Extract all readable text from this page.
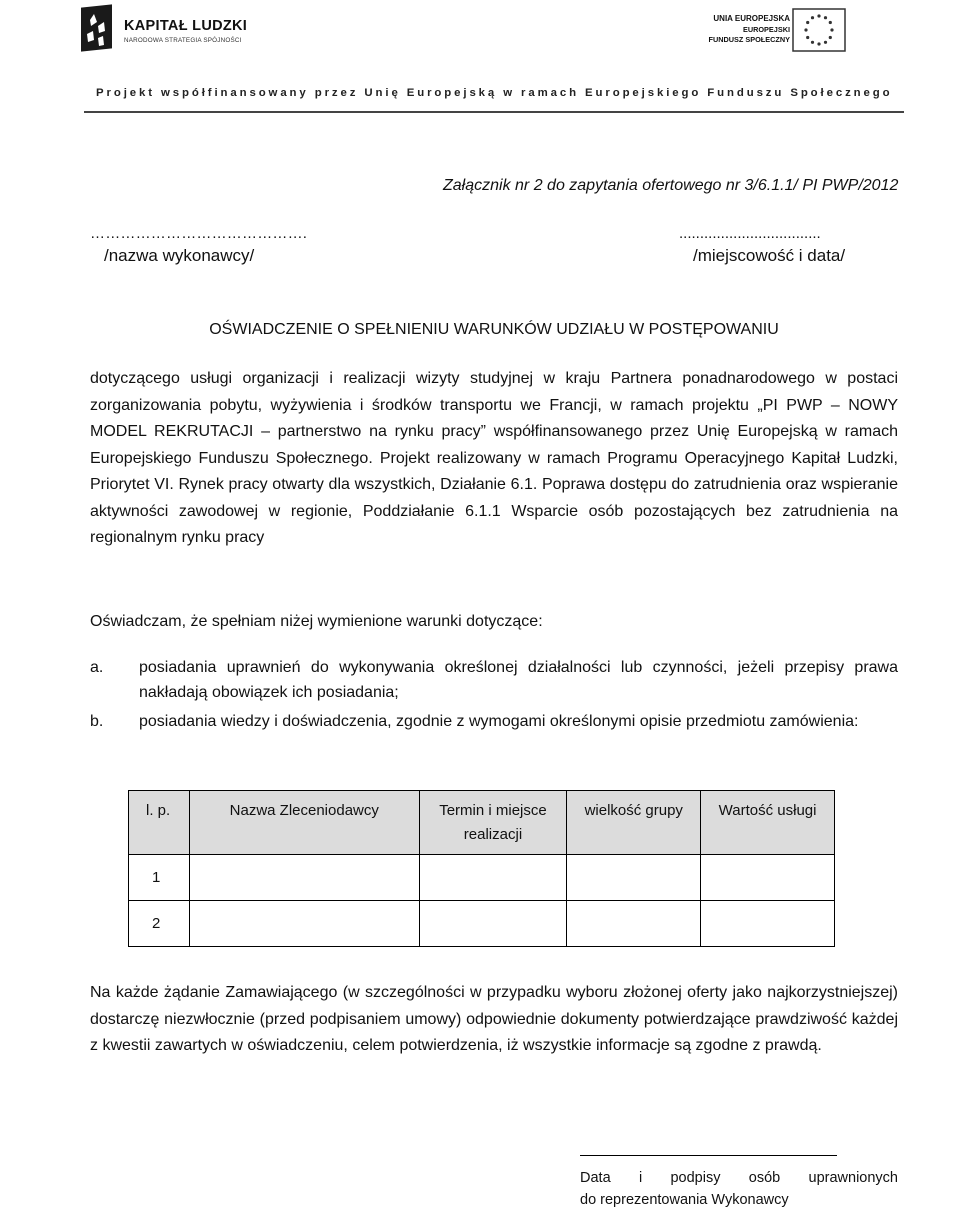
KAPITAŁ LUDZKI
NARODOWA STRATEGIA SPÓJNOŚCI
UNIA EUROPEJSKA
EUROPEJSKI
FUNDUSZ SPOŁECZNY
Projekt współfinansowany przez Unię Europejską w ramach Europejskiego Funduszu Społecznego
Załącznik nr 2 do zapytania ofertowego nr 3/6.1.1/ PI PWP/2012
…………………………………….
/nazwa wykonawcy/
..................................
/miejscowość i data/
OŚWIADCZENIE O SPEŁNIENIU WARUNKÓW UDZIAŁU W POSTĘPOWANIU

dotyczącego usługi organizacji i realizacji wizyty studyjnej w kraju Partnera ponadnarodowego w postaci zorganizowania pobytu, wyżywienia i środków transportu we Francji, w ramach projektu „PI PWP – NOWY MODEL REKRUTACJI – partnerstwo na rynku pracy” współfinansowanego przez Unię Europejską w ramach Europejskiego Funduszu Społecznego. Projekt realizowany w ramach Programu Operacyjnego Kapitał Ludzki, Priorytet VI. Rynek pracy otwarty dla wszystkich, Działanie 6.1. Poprawa dostępu do zatrudnienia oraz wspieranie aktywności zawodowej w regionie, Poddziałanie 6.1.1 Wsparcie osób pozostających bez zatrudnienia na regionalnym rynku pracy

Oświadczam, że spełniam niżej wymienione warunki dotyczące:
a. posiadania uprawnień do wykonywania określonej działalności lub czynności, jeżeli przepisy prawa nakładają obowiązek ich posiadania;
b. posiadania wiedzy i doświadczenia, zgodnie z wymogami określonymi opisie przedmiotu zamówienia:
l. p.	Nazwa Zleceniodawcy	Termin i miejsce realizacji	wielkość grupy	Wartość usługi
1				
2				

Na każde żądanie Zamawiającego (w szczególności w przypadku wyboru złożonej oferty jako najkorzystniejszej) dostarczę niezwłocznie (przed podpisaniem umowy) odpowiednie dokumenty potwierdzające prawdziwość każdej z kwestii zawartych w oświadczeniu, celem potwierdzenia, iż wszystkie informacje są zgodne z prawdą.

Data i podpisy osób uprawnionych
do reprezentowania Wykonawcy
